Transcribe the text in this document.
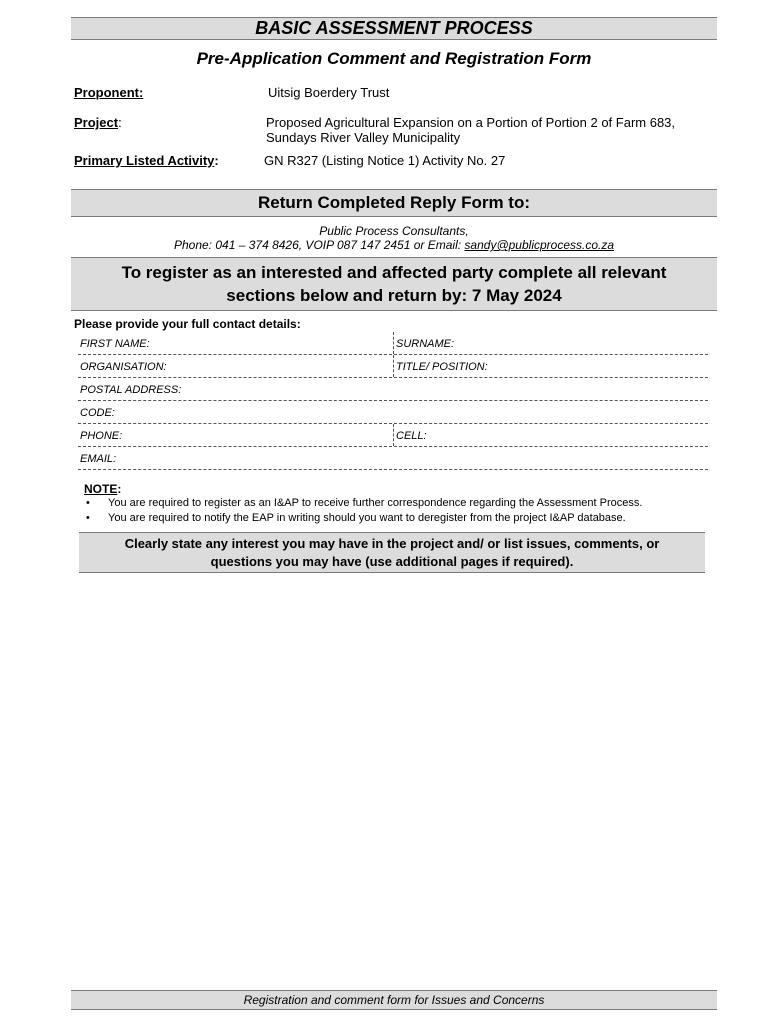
BASIC ASSESSMENT PROCESS
Pre-Application Comment and Registration Form
Proponent:	Uitsig Boerdery Trust
Project:	Proposed Agricultural Expansion on a Portion of Portion 2 of Farm 683,
Sundays River Valley Municipality
Primary Listed Activity:	GN R327 (Listing Notice 1) Activity No. 27
Return Completed Reply Form to:
Public Process Consultants,
Phone: 041 – 374 8426, VOIP 087 147 2451 or Email: sandy@publicprocess.co.za
To register as an interested and affected party complete all relevant
sections below and return by: 7 May 2024
Please provide your full contact details:
FIRST NAME:	SURNAME:
ORGANISATION:	TITLE/ POSITION:
POSTAL ADDRESS:
CODE:
PHONE:	CELL:
EMAIL:
NOTE:
• You are required to register as an I&AP to receive further correspondence regarding the Assessment Process.
• You are required to notify the EAP in writing should you want to deregister from the project I&AP database.
Clearly state any interest you may have in the project and/ or list issues, comments, or
questions you may have (use additional pages if required).
Registration and comment form for Issues and Concerns
